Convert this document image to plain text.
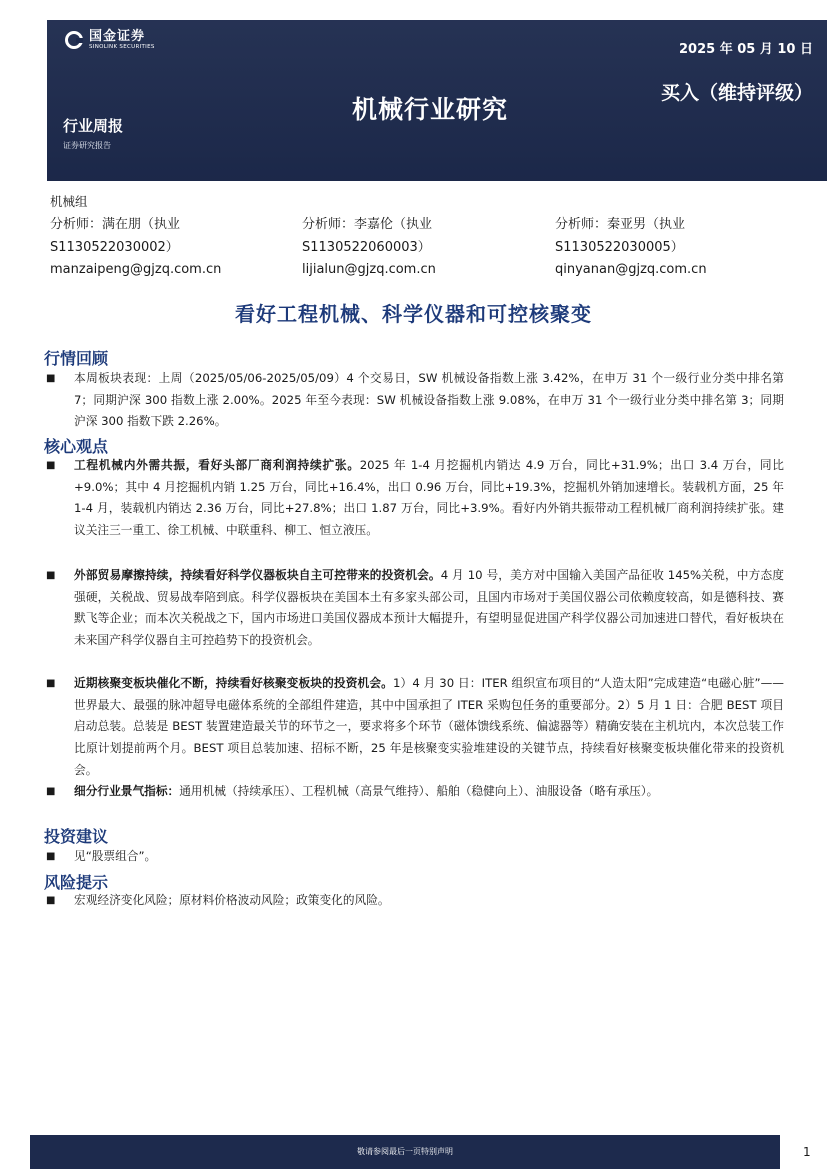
国金证券
SINOLINK SECURITIES	2025 年 05 月 10 日
机械行业研究
买入（维持评级）
行业周报
证券研究报告
机械组
分析师：满在朋（执业
S1130522030002）
manzaipeng@gjzq.com.cn
分析师：李嘉伦（执业
S1130522060003）
lijialun@gjzq.com.cn
分析师：秦亚男（执业
S1130522030005）
qinyanan@gjzq.com.cn
看好工程机械、科学仪器和可控核聚变
行情回顾
■ 本周板块表现：上周（2025/05/06-2025/05/09）4 个交易日，SW 机械设备指数上涨 3.42%，在申万 31 个一级行业分类中排名第 7；同期沪深 300 指数上涨 2.00%。2025 年至今表现：SW 机械设备指数上涨 9.08%，在申万 31 个一级行业分类中排名第 3；同期沪深 300 指数下跌 2.26%。
核心观点
■ 工程机械内外需共振，看好头部厂商利润持续扩张。2025 年 1-4 月挖掘机内销达 4.9 万台，同比+31.9%；出口 3.4 万台，同比+9.0%；其中 4 月挖掘机内销 1.25 万台，同比+16.4%，出口 0.96 万台，同比+19.3%，挖掘机外销加速增长。装载机方面，25 年 1-4 月，装载机内销达 2.36 万台，同比+27.8%；出口 1.87 万台，同比+3.9%。看好内外销共振带动工程机械厂商利润持续扩张。建议关注三一重工、徐工机械、中联重科、柳工、恒立液压。
■ 外部贸易摩擦持续，持续看好科学仪器板块自主可控带来的投资机会。4 月 10 号，美方对中国输入美国产品征收 145%关税，中方态度强硬，关税战、贸易战奉陪到底。科学仪器板块在美国本土有多家头部公司，且国内市场对于美国仪器公司依赖度较高，如是德科技、赛默飞等企业；而本次关税战之下，国内市场进口美国仪器成本预计大幅提升，有望明显促进国产科学仪器公司加速进口替代，看好板块在未来国产科学仪器自主可控趋势下的投资机会。
■ 近期核聚变板块催化不断，持续看好核聚变板块的投资机会。1）4 月 30 日：ITER 组织宣布项目的“人造太阳”完成建造“电磁心脏”——世界最大、最强的脉冲超导电磁体系统的全部组件建造，其中中国承担了 ITER 采购包任务的重要部分。2）5 月 1 日：合肥 BEST 项目启动总装。总装是 BEST 装置建造最关节的环节之一，要求将多个环节（磁体馈线系统、偏滤器等）精确安装在主机坑内，本次总装工作比原计划提前两个月。BEST 项目总装加速、招标不断，25 年是核聚变实验堆建设的关键节点，持续看好核聚变板块催化带来的投资机会。
■ 细分行业景气指标：通用机械（持续承压）、工程机械（高景气维持）、船舶（稳健向上）、油服设备（略有承压）。
投资建议
■ 见“股票组合”。
风险提示
■ 宏观经济变化风险；原材料价格波动风险；政策变化的风险。
敬请参阅最后一页特别声明	1
